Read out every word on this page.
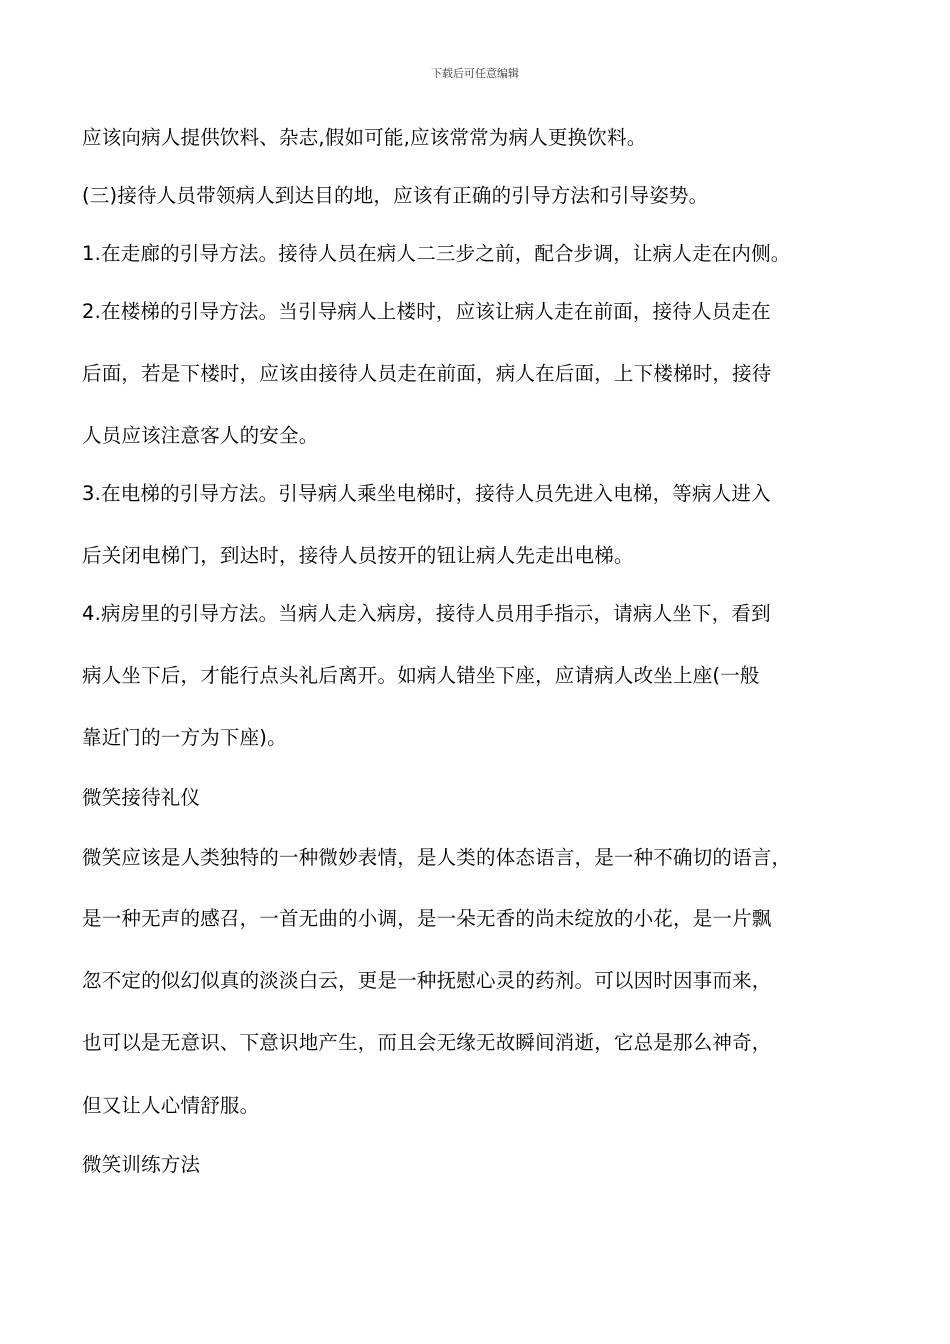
下载后可任意编辑
应该向病人提供饮料、杂志,假如可能,应该常常为病人更换饮料。
(三)接待人员带领病人到达目的地，应该有正确的引导方法和引导姿势。
1.在走廊的引导方法。接待人员在病人二三步之前，配合步调，让病人走在内侧。
2.在楼梯的引导方法。当引导病人上楼时，应该让病人走在前面，接待人员走在
后面，若是下楼时，应该由接待人员走在前面，病人在后面，上下楼梯时，接待
人员应该注意客人的安全。
3.在电梯的引导方法。引导病人乘坐电梯时，接待人员先进入电梯，等病人进入
后关闭电梯门，到达时，接待人员按开的钮让病人先走出电梯。
4.病房里的引导方法。当病人走入病房，接待人员用手指示，请病人坐下，看到
病人坐下后，才能行点头礼后离开。如病人错坐下座，应请病人改坐上座(一般
靠近门的一方为下座)。
微笑接待礼仪
微笑应该是人类独特的一种微妙表情，是人类的体态语言，是一种不确切的语言，
是一种无声的感召，一首无曲的小调，是一朵无香的尚未绽放的小花，是一片飘
忽不定的似幻似真的淡淡白云，更是一种抚慰心灵的药剂。可以因时因事而来，
也可以是无意识、下意识地产生，而且会无缘无故瞬间消逝，它总是那么神奇，
但又让人心情舒服。
微笑训练方法
